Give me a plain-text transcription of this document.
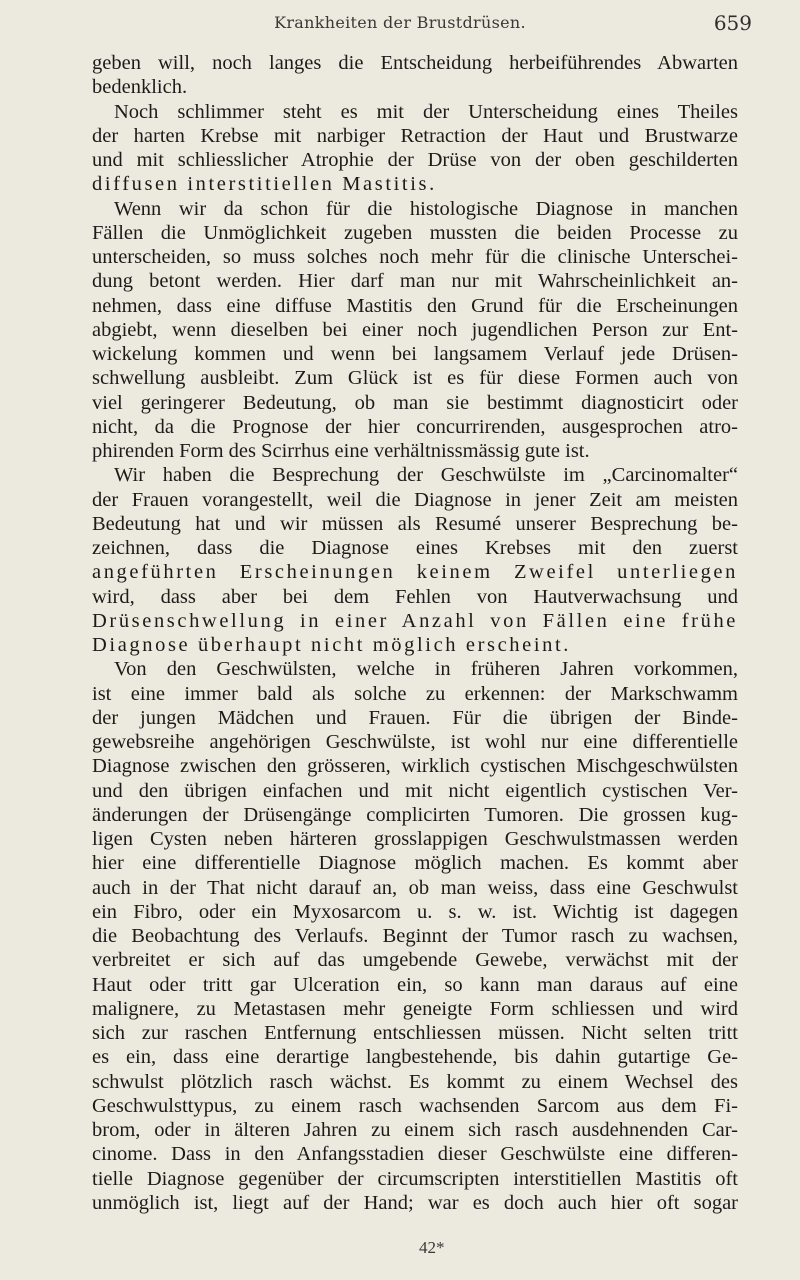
Krankheiten der Brustdrüsen.	659
geben will, noch langes die Entscheidung herbeiführendes Abwarten
bedenklich.
Noch schlimmer steht es mit der Unterscheidung eines Theiles
der harten Krebse mit narbiger Retraction der Haut und Brustwarze
und mit schliesslicher Atrophie der Drüse von der oben geschilderten
diffusen interstitiellen Mastitis.
Wenn wir da schon für die histologische Diagnose in manchen
Fällen die Unmöglichkeit zugeben mussten die beiden Processe zu
unterscheiden, so muss solches noch mehr für die clinische Unterschei-
dung betont werden. Hier darf man nur mit Wahrscheinlichkeit an-
nehmen, dass eine diffuse Mastitis den Grund für die Erscheinungen
abgiebt, wenn dieselben bei einer noch jugendlichen Person zur Ent-
wickelung kommen und wenn bei langsamem Verlauf jede Drüsen-
schwellung ausbleibt. Zum Glück ist es für diese Formen auch von
viel geringerer Bedeutung, ob man sie bestimmt diagnosticirt oder
nicht, da die Prognose der hier concurrirenden, ausgesprochen atro-
phirenden Form des Scirrhus eine verhältnissmässig gute ist.
Wir haben die Besprechung der Geschwülste im „Carcinomalter“
der Frauen vorangestellt, weil die Diagnose in jener Zeit am meisten
Bedeutung hat und wir müssen als Resumé unserer Besprechung be-
zeichnen, dass die Diagnose eines Krebses mit den zuerst
angeführten Erscheinungen keinem Zweifel unterliegen
wird, dass aber bei dem Fehlen von Hautverwachsung und
Drüsenschwellung in einer Anzahl von Fällen eine frühe
Diagnose überhaupt nicht möglich erscheint.
Von den Geschwülsten, welche in früheren Jahren vorkommen,
ist eine immer bald als solche zu erkennen: der Markschwamm
der jungen Mädchen und Frauen. Für die übrigen der Binde-
gewebsreihe angehörigen Geschwülste, ist wohl nur eine differentielle
Diagnose zwischen den grösseren, wirklich cystischen Mischgeschwülsten
und den übrigen einfachen und mit nicht eigentlich cystischen Ver-
änderungen der Drüsengänge complicirten Tumoren. Die grossen kug-
ligen Cysten neben härteren grosslappigen Geschwulstmassen werden
hier eine differentielle Diagnose möglich machen. Es kommt aber
auch in der That nicht darauf an, ob man weiss, dass eine Geschwulst
ein Fibro, oder ein Myxosarcom u. s. w. ist. Wichtig ist dagegen
die Beobachtung des Verlaufs. Beginnt der Tumor rasch zu wachsen,
verbreitet er sich auf das umgebende Gewebe, verwächst mit der
Haut oder tritt gar Ulceration ein, so kann man daraus auf eine
malignere, zu Metastasen mehr geneigte Form schliessen und wird
sich zur raschen Entfernung entschliessen müssen. Nicht selten tritt
es ein, dass eine derartige langbestehende, bis dahin gutartige Ge-
schwulst plötzlich rasch wächst. Es kommt zu einem Wechsel des
Geschwulsttypus, zu einem rasch wachsenden Sarcom aus dem Fi-
brom, oder in älteren Jahren zu einem sich rasch ausdehnenden Car-
cinome. Dass in den Anfangsstadien dieser Geschwülste eine differen-
tielle Diagnose gegenüber der circumscripten interstitiellen Mastitis oft
unmöglich ist, liegt auf der Hand; war es doch auch hier oft sogar
42*
